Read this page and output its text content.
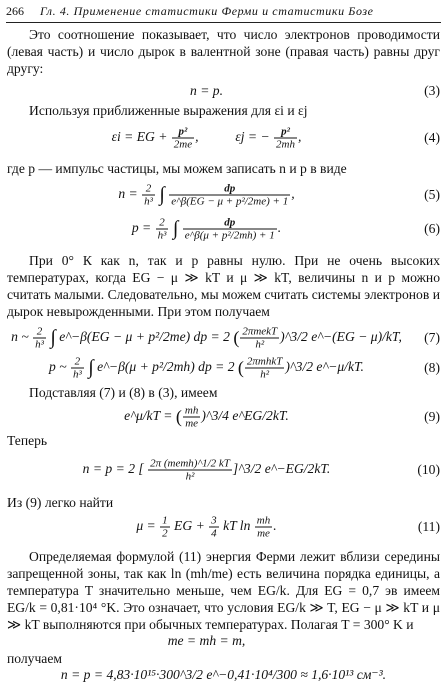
266 Гл. 4. Применение статистики Ферми и статистики Бозе

Это соотношение показывает, что число электронов проводимости (левая часть) и число дырок в валентной зоне (правая часть) равны друг другу:

n = p.	(3)

Используя приближенные выражения для εi и εj

εi = EG + $\frac{\text{p²}}{2me}$ ,	εj = − $\frac{\text{p²}}{2mh}$ ,	(4)

где p — импульс частицы, мы можем записать n и p в виде

$n = \frac{2}{\text{h³}}$ ∫ $\frac{dp}{\text{e\textasciicircum{}β(EG − μ + p²/2me) + 1}}$ ,	(5)
$p = \frac{2}{\text{h³}}$ ∫ $\frac{dp}{\text{e\textasciicircum{}β(μ + p²/2mh) + 1}}$ .	(6)

При 0° К как n, так и p равны нулю. При не очень высоких температурах, когда EG − μ ≫ kT и μ ≫ kT, величины n и p можно считать малыми. Следовательно, мы можем считать системы электронов и дырок невырожденными. При этом получаем

n ~ $\frac{2}{\text{h³}}$ ∫ e^−β(EG − μ + p²/2me) dp = 2 ( $\frac{\text{2πmekT}}{\text{h²}}$ )^3/2 e^−(EG − μ)/kT,	(7)
p ~ $\frac{2}{\text{h³}}$ ∫ e^−β(μ + p²/2mh) dp = 2 ( $\frac{\text{2πmhkT}}{\text{h²}}$ )^3/2 e^−μ/kT.	(8)

Подставляя (7) и (8) в (3), имеем

e^μ/kT = ( $\frac{mh}{me}$ )^3/4 e^EG/2kT.	(9)

Теперь

n = p = 2 [ $\frac{\text{2π (memh)\textasciicircum{}1/2 kT}}{\text{h²}}$ ]^3/2 e^−EG/2kT.	(10)

Из (9) легко найти

$\mu = \frac{1}{2}$ EG + $\frac{3}{4}$ kT $\ln \frac{mh}{me}$ .	(11)

Определяемая формулой (11) энергия Ферми лежит вблизи середины запрещенной зоны, так как ln (mh/me) есть величина порядка единицы, а температура T значительно меньше, чем EG/k. Для EG = 0,7 эв имеем EG/k = 0,81·10⁴ °K. Это означает, что условия EG/k ≫ T, EG − μ ≫ kT и μ ≫ kT выполняются при обычных температурах. Полагая T = 300° K и

me = mh = m,

получаем

n = p = 4,83·10¹⁵·300^3/2 e^−0,41·10⁴/300 ≈ 1,6·10¹³ см⁻³.
